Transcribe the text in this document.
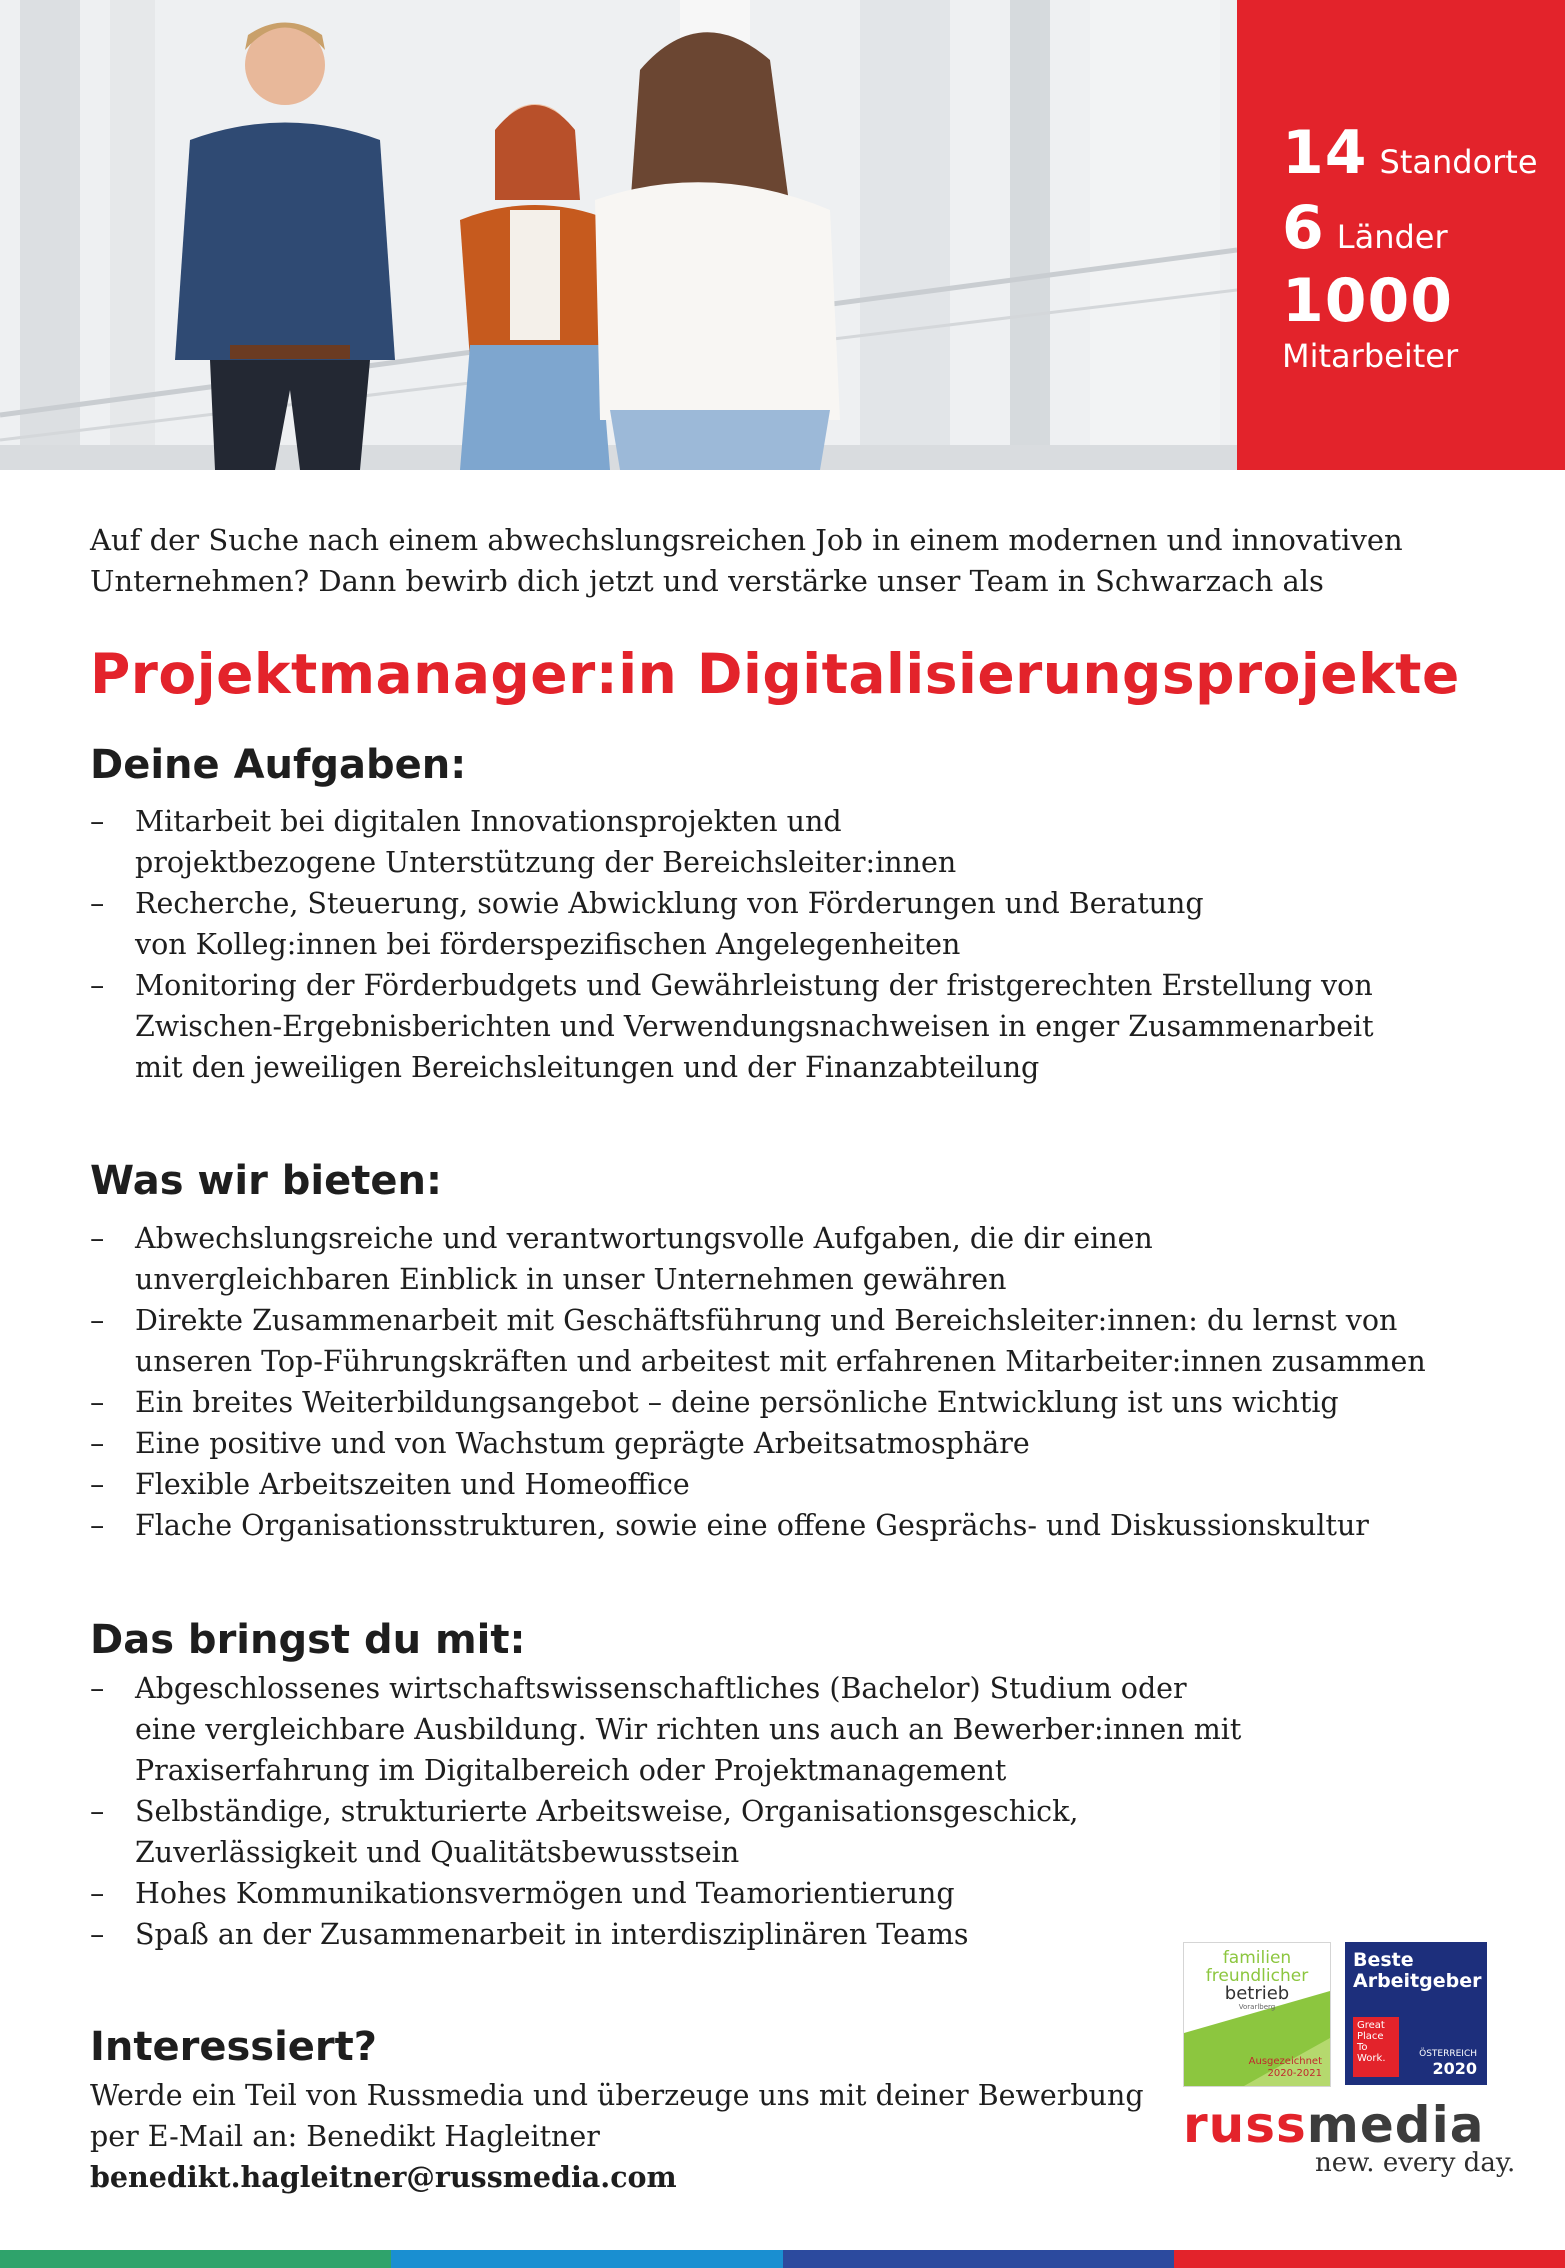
14 Standorte
6 Länder
1000
Mitarbeiter

Auf der Suche nach einem abwechslungsreichen Job in einem modernen und innovativen
Unternehmen? Dann bewirb dich jetzt und verstärke unser Team in Schwarzach als

Projektmanager:in Digitalisierungsprojekte
Deine Aufgaben:
– Mitarbeit bei digitalen Innovationsprojekten und
projektbezogene Unterstützung der Bereichsleiter:innen
– Recherche, Steuerung, sowie Abwicklung von Förderungen und Beratung
von Kolleg:innen bei förderspezifischen Angelegenheiten
– Monitoring der Förderbudgets und Gewährleistung der fristgerechten Erstellung von
Zwischen-Ergebnisberichten und Verwendungsnachweisen in enger Zusammenarbeit
mit den jeweiligen Bereichsleitungen und der Finanzabteilung
Was wir bieten:
– Abwechslungsreiche und verantwortungsvolle Aufgaben, die dir einen
unvergleichbaren Einblick in unser Unternehmen gewähren
– Direkte Zusammenarbeit mit Geschäftsführung und Bereichsleiter:innen: du lernst von
unseren Top-Führungskräften und arbeitest mit erfahrenen Mitarbeiter:innen zusammen
– Ein breites Weiterbildungsangebot – deine persönliche Entwicklung ist uns wichtig
– Eine positive und von Wachstum geprägte Arbeitsatmosphäre
– Flexible Arbeitszeiten und Homeoffice
– Flache Organisationsstrukturen, sowie eine offene Gesprächs- und Diskussionskultur
Das bringst du mit:
– Abgeschlossenes wirtschaftswissenschaftliches (Bachelor) Studium oder
eine vergleichbare Ausbildung. Wir richten uns auch an Bewerber:innen mit
Praxiserfahrung im Digitalbereich oder Projektmanagement
– Selbständige, strukturierte Arbeitsweise, Organisationsgeschick,
Zuverlässigkeit und Qualitätsbewusstsein
– Hohes Kommunikationsvermögen und Teamorientierung
– Spaß an der Zusammenarbeit in interdisziplinären Teams
Interessiert?

Werde ein Teil von Russmedia und überzeuge uns mit deiner Bewerbung
per E-Mail an: Benedikt Hagleitner benedikt.hagleitner@russmedia.com

familien
freundlicher
betrieb
Vorarlberg
Ausgezeichnet
2020-2021
Beste
Arbeitgeber
Great
Place
To
Work.	ÖSTERREICH
2020
russmedia
new. every day.
